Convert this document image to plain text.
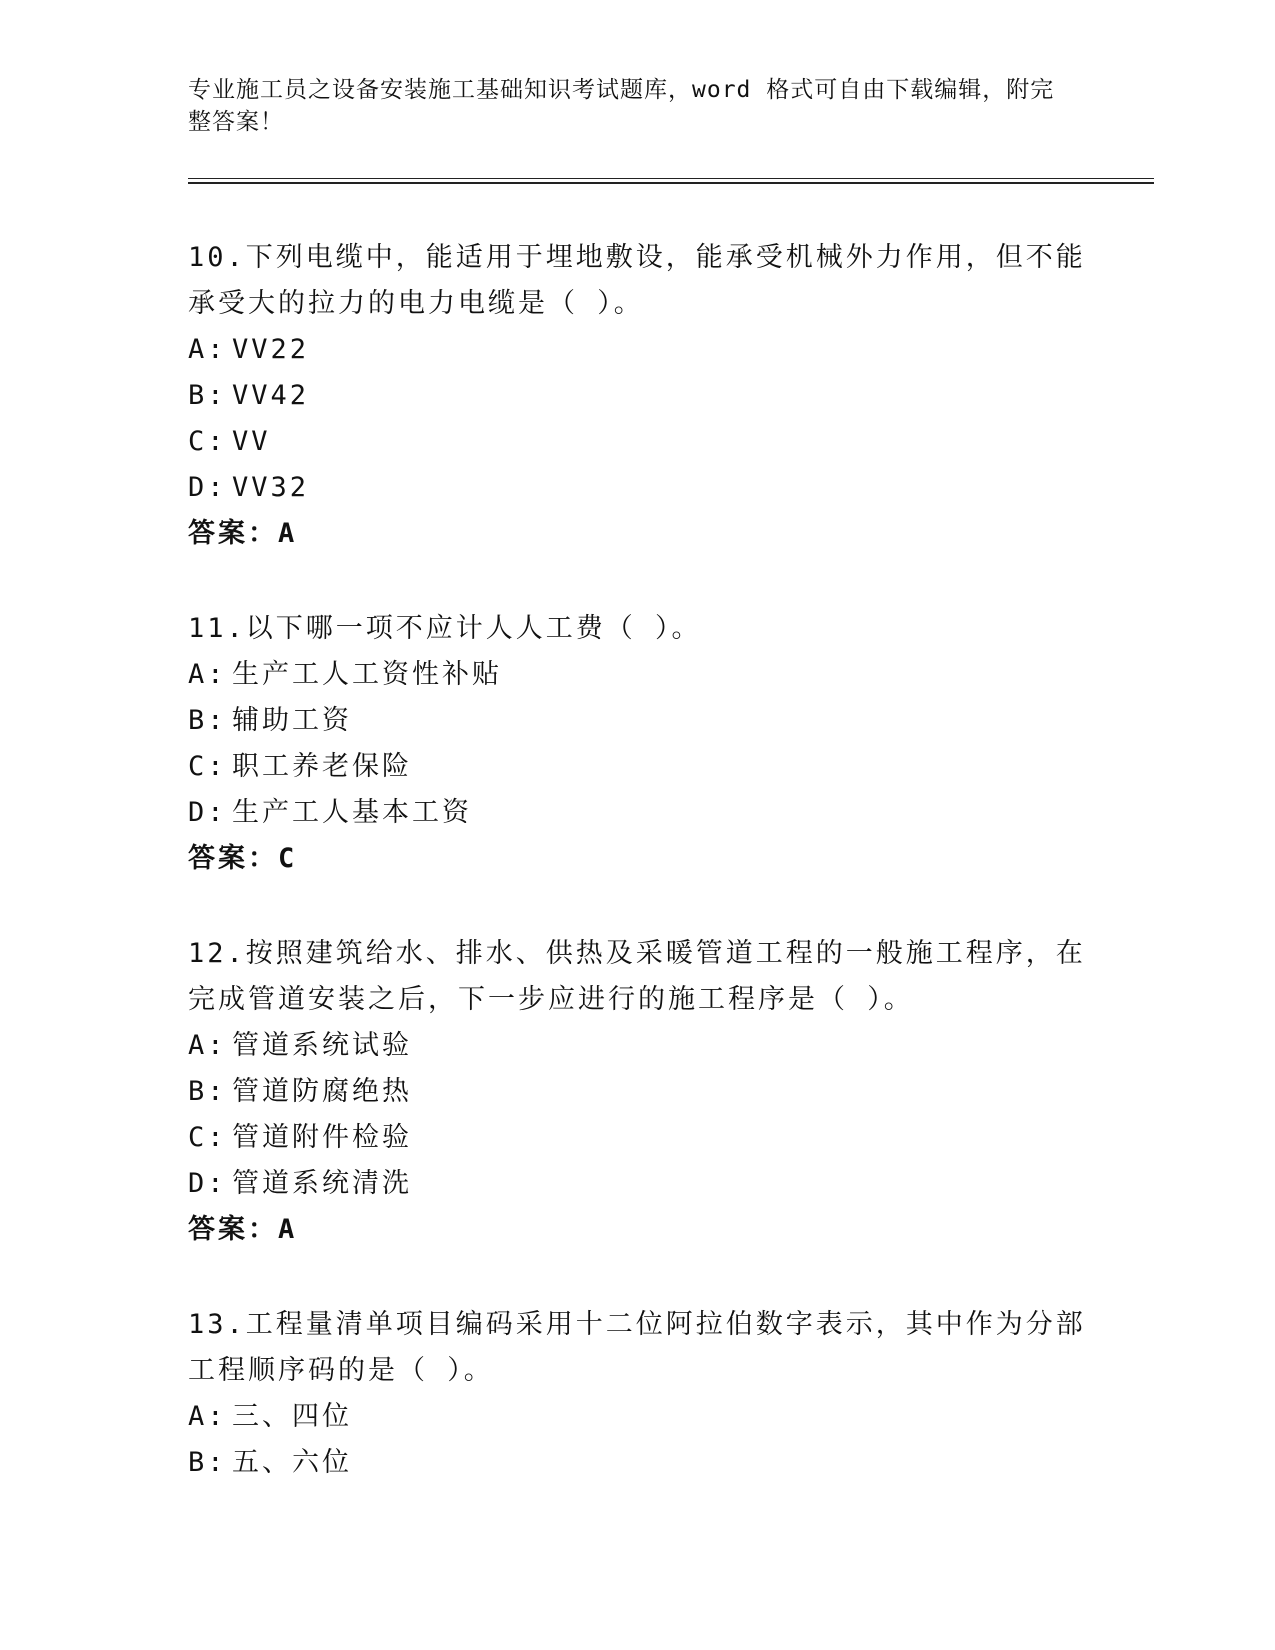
专业施工员之设备安装施工基础知识考试题库，word 格式可自由下载编辑，附完整答案！
10.下列电缆中，能适用于埋地敷设，能承受机械外力作用，但不能承受大的拉力的电力电缆是（ ）。
A: VV22
B: VV42
C: VV
D: VV32
答案：A
11.以下哪一项不应计人人工费（ ）。
A: 生产工人工资性补贴
B: 辅助工资
C: 职工养老保险
D: 生产工人基本工资
答案：C
12.按照建筑给水、排水、供热及采暖管道工程的一般施工程序，在完成管道安装之后，下一步应进行的施工程序是（ ）。
A: 管道系统试验
B: 管道防腐绝热
C: 管道附件检验
D: 管道系统清洗
答案：A
13.工程量清单项目编码采用十二位阿拉伯数字表示，其中作为分部工程顺序码的是（ ）。
A: 三、四位
B: 五、六位
